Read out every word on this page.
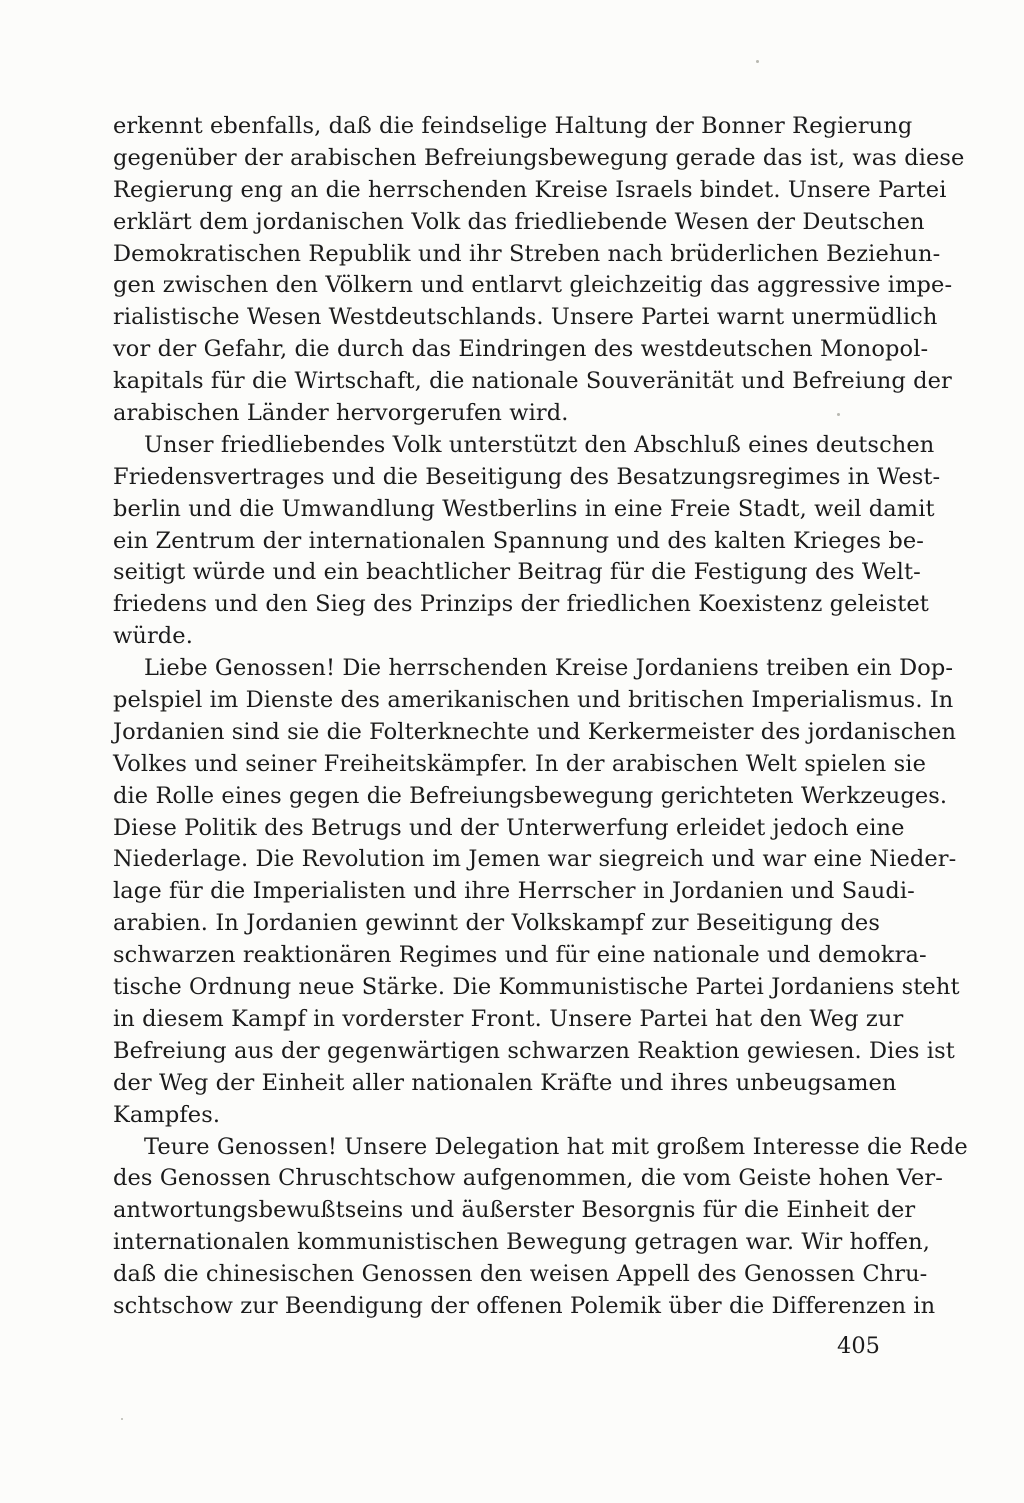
erkennt ebenfalls, daß die feindselige Haltung der Bonner Regierung
gegenüber der arabischen Befreiungsbewegung gerade das ist, was diese
Regierung eng an die herrschenden Kreise Israels bindet. Unsere Partei
erklärt dem jordanischen Volk das friedliebende Wesen der Deutschen
Demokratischen Republik und ihr Streben nach brüderlichen Beziehun-
gen zwischen den Völkern und entlarvt gleichzeitig das aggressive impe-
rialistische Wesen Westdeutschlands. Unsere Partei warnt unermüdlich
vor der Gefahr, die durch das Eindringen des westdeutschen Monopol-
kapitals für die Wirtschaft, die nationale Souveränität und Befreiung der
arabischen Länder hervorgerufen wird.
Unser friedliebendes Volk unterstützt den Abschluß eines deutschen
Friedensvertrages und die Beseitigung des Besatzungsregimes in West-
berlin und die Umwandlung Westberlins in eine Freie Stadt, weil damit
ein Zentrum der internationalen Spannung und des kalten Krieges be-
seitigt würde und ein beachtlicher Beitrag für die Festigung des Welt-
friedens und den Sieg des Prinzips der friedlichen Koexistenz geleistet
würde.
Liebe Genossen! Die herrschenden Kreise Jordaniens treiben ein Dop-
pelspiel im Dienste des amerikanischen und britischen Imperialismus. In
Jordanien sind sie die Folterknechte und Kerkermeister des jordanischen
Volkes und seiner Freiheitskämpfer. In der arabischen Welt spielen sie
die Rolle eines gegen die Befreiungsbewegung gerichteten Werkzeuges.
Diese Politik des Betrugs und der Unterwerfung erleidet jedoch eine
Niederlage. Die Revolution im Jemen war siegreich und war eine Nieder-
lage für die Imperialisten und ihre Herrscher in Jordanien und Saudi-
arabien. In Jordanien gewinnt der Volkskampf zur Beseitigung des
schwarzen reaktionären Regimes und für eine nationale und demokra-
tische Ordnung neue Stärke. Die Kommunistische Partei Jordaniens steht
in diesem Kampf in vorderster Front. Unsere Partei hat den Weg zur
Befreiung aus der gegenwärtigen schwarzen Reaktion gewiesen. Dies ist
der Weg der Einheit aller nationalen Kräfte und ihres unbeugsamen
Kampfes.
Teure Genossen! Unsere Delegation hat mit großem Interesse die Rede
des Genossen Chruschtschow aufgenommen, die vom Geiste hohen Ver-
antwortungsbewußtseins und äußerster Besorgnis für die Einheit der
internationalen kommunistischen Bewegung getragen war. Wir hoffen,
daß die chinesischen Genossen den weisen Appell des Genossen Chru-
schtschow zur Beendigung der offenen Polemik über die Differenzen in
405
